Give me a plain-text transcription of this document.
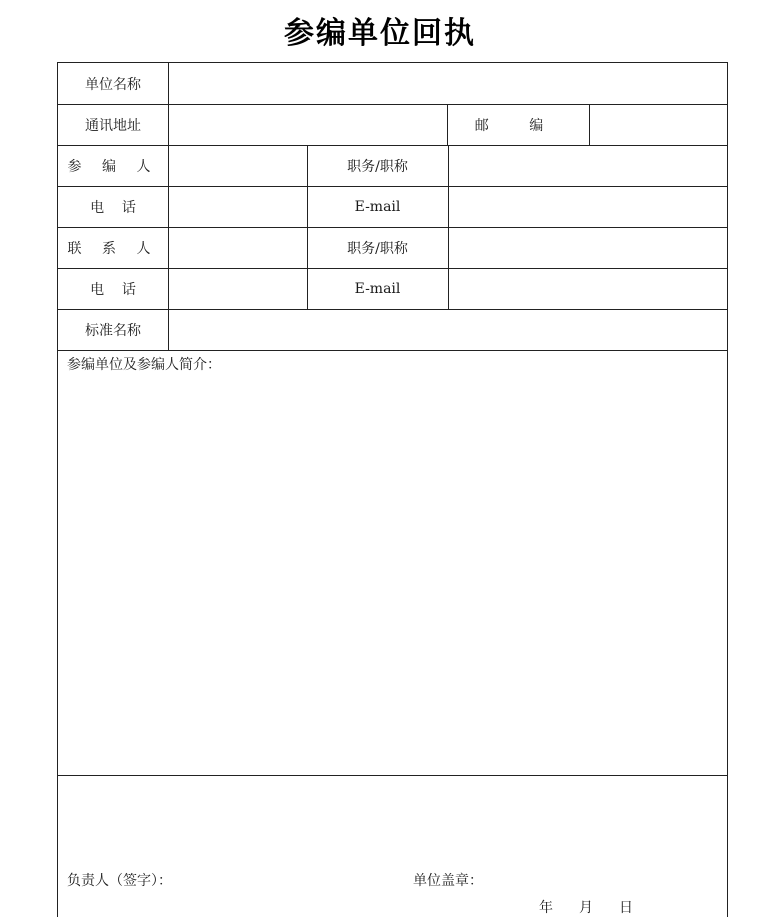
参编单位回执
单位名称
通讯地址	邮 编
参 编 人	职务/职称
电    话	E-mail
联 系 人	职务/职称
电    话	E-mail
标准名称
参编单位及参编人简介：
负责人（签字）：	单位盖章：
年 月 日
